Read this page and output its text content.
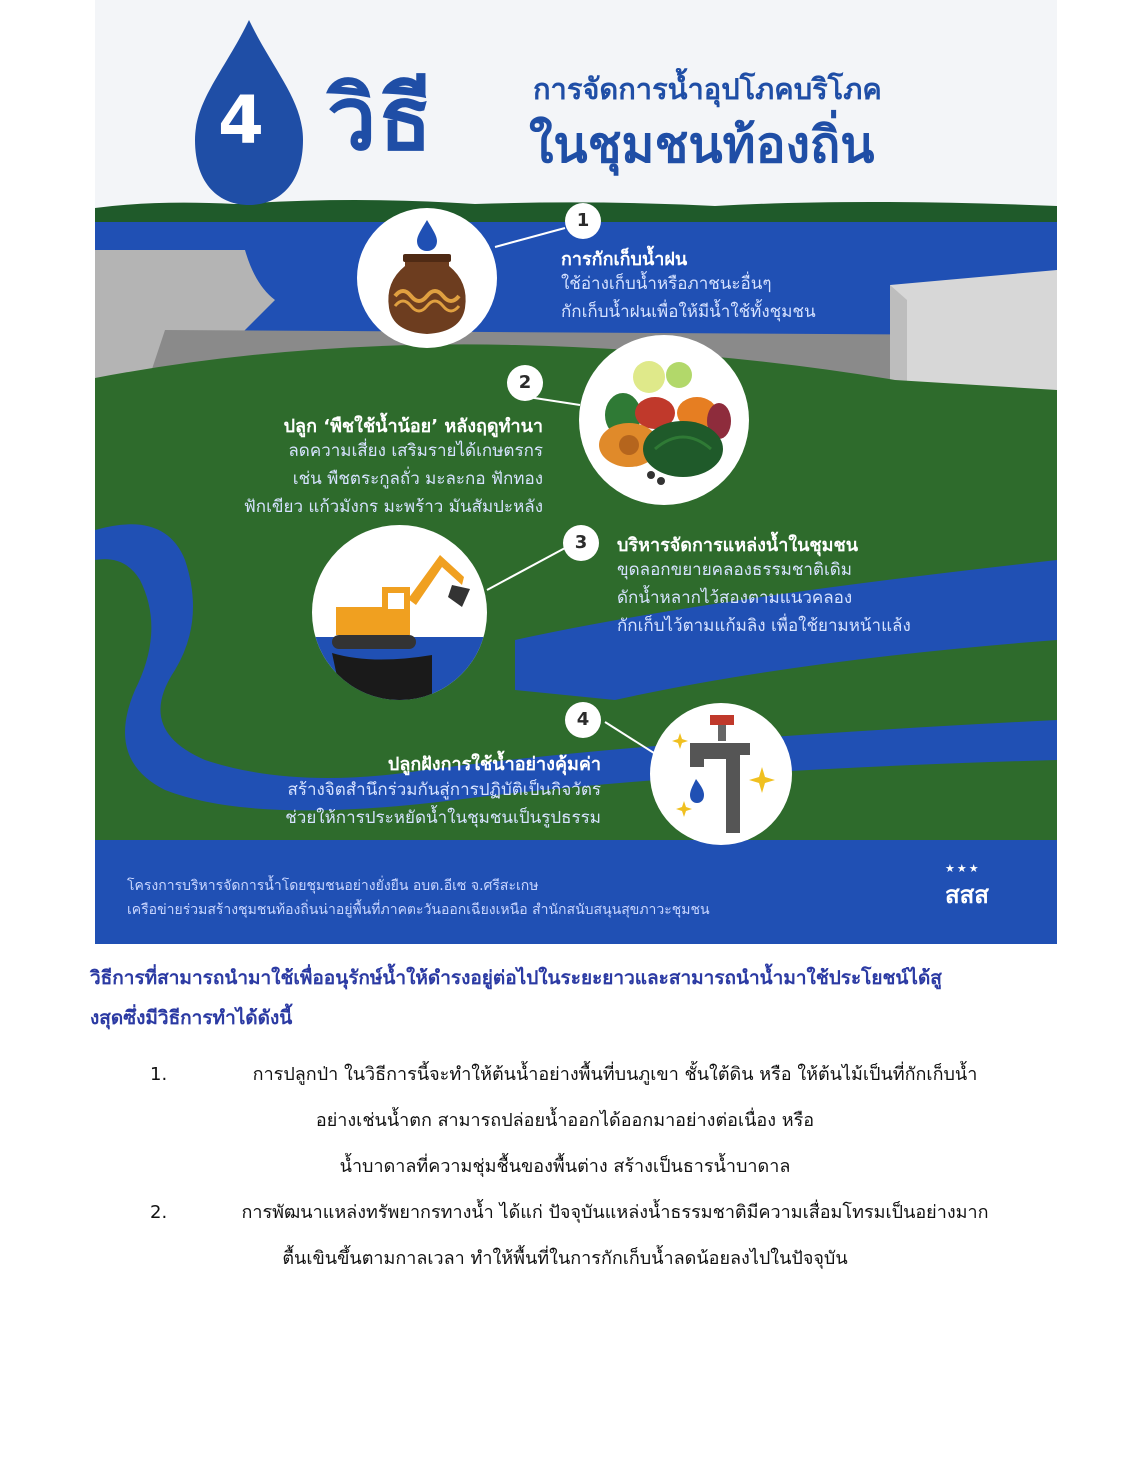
4 วิธี	การจัดการน้ำอุปโภคบริโภค
ในชุมชนท้องถิ่น
1
การกักเก็บน้ำฝน
ใช้อ่างเก็บน้ำหรือภาชนะอื่นๆ
กักเก็บน้ำฝนเพื่อให้มีน้ำใช้ทั้งชุมชน
2
ปลูก ‘พืชใช้น้ำน้อย’ หลังฤดูทำนา
ลดความเสี่ยง เสริมรายได้เกษตรกร
เช่น พืชตระกูลถั่ว มะละกอ ฟักทอง
ฟักเขียว แก้วมังกร มะพร้าว มันสัมปะหลัง
3	บริหารจัดการแหล่งน้ำในชุมชน
ขุดลอกขยายคลองธรรมชาติเดิม
ดักน้ำหลากไว้สองตามแนวคลอง
กักเก็บไว้ตามแก้มลิง เพื่อใช้ยามหน้าแล้ง
4
ปลูกฝังการใช้น้ำอย่างคุ้มค่า
สร้างจิตสำนึกร่วมกันสู่การปฏิบัติเป็นกิจวัตร
ช่วยให้การประหยัดน้ำในชุมชนเป็นรูปธรรม
โครงการบริหารจัดการน้ำโดยชุมชนอย่างยั่งยืน อบต.อีเซ จ.ศรีสะเกษ
เครือข่ายร่วมสร้างชุมชนท้องถิ่นน่าอยู่พื้นที่ภาคตะวันออกเฉียงเหนือ สำนักสนับสนุนสุขภาวะชุมชน
★★★
สสส
วิธีการที่สามารถนำมาใช้เพื่ออนุรักษ์น้ำให้ดำรงอยู่ต่อไปในระยะยาวและสามารถนำน้ำมาใช้ประโยชน์ได้สู
งสุดซึ่งมีวิธีการทำได้ดังนี้
1.	การปลูกป่า ในวิธีการนี้จะทำให้ต้นน้ำอย่างพื้นที่บนภูเขา ชั้นใต้ดิน หรือ ให้ต้นไม้เป็นที่กักเก็บน้ำ
อย่างเช่นน้ำตก สามารถปล่อยน้ำออกได้ออกมาอย่างต่อเนื่อง หรือ
น้ำบาดาลที่ความชุ่มชื้นของพื้นต่าง สร้างเป็นธารน้ำบาดาล
2.	การพัฒนาแหล่งทรัพยากรทางน้ำ ได้แก่ ปัจจุบันแหล่งน้ำธรรมชาติมีความเสื่อมโทรมเป็นอย่างมาก
ตื้นเขินขึ้นตามกาลเวลา ทำให้พื้นที่ในการกักเก็บน้ำลดน้อยลงไปในปัจจุบัน
